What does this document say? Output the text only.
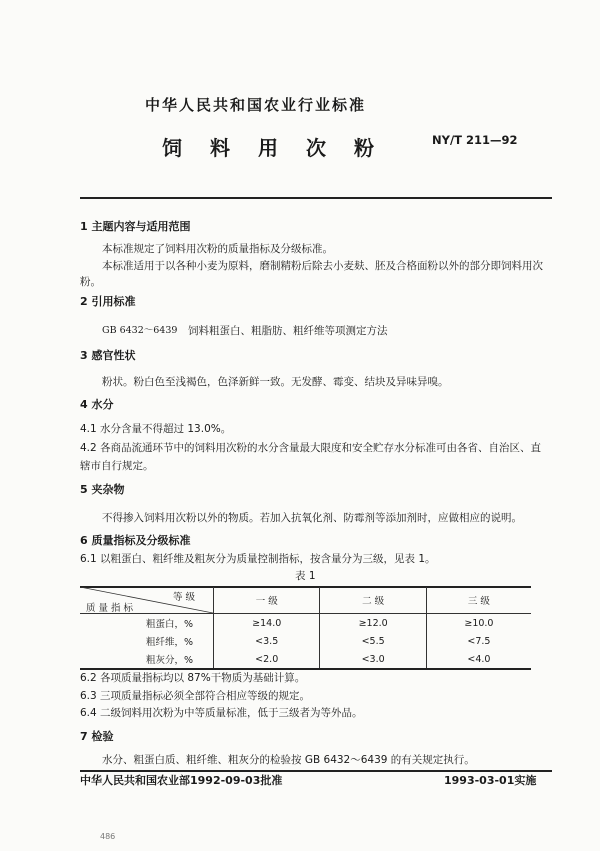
中华人民共和国农业行业标准
NY/T 211—92
饲料用次粉
1 主题内容与适用范围
本标准规定了饲料用次粉的质量指标及分级标准。
本标准适用于以各种小麦为原料，磨制精粉后除去小麦麸、胚及合格面粉以外的部分即饲料用次
粉。
2 引用标准
GB 6432～6439 饲料粗蛋白、粗脂肪、粗纤维等项测定方法
3 感官性状
粉状。粉白色至浅褐色，色泽新鲜一致。无发酵、霉变、结块及异味异嗅。
4 水分
4.1 水分含量不得超过 13.0%。
4.2 各商品流通环节中的饲料用次粉的水分含量最大限度和安全贮存水分标准可由各省、自治区、直
辖市自行规定。
5 夹杂物
不得掺入饲料用次粉以外的物质。若加入抗氧化剂、防霉剂等添加剂时，应做相应的说明。
6 质量指标及分级标准
6.1 以粗蛋白、粗纤维及粗灰分为质量控制指标，按含量分为三级，见表 1。
表 1
等 级
质 量 指 标	一 级	二 级	三 级
粗蛋白，%	≥14.0	≥12.0	≥10.0
粗纤维，%	<3.5	<5.5	<7.5
粗灰分，%	<2.0	<3.0	<4.0
6.2 各项质量指标均以 87%干物质为基础计算。
6.3 三项质量指标必须全部符合相应等级的规定。
6.4 二级饲料用次粉为中等质量标准，低于三级者为等外品。
7 检验
水分、粗蛋白质、粗纤维、粗灰分的检验按 GB 6432～6439 的有关规定执行。
中华人民共和国农业部1992-09-03批准	1993-03-01实施
486
